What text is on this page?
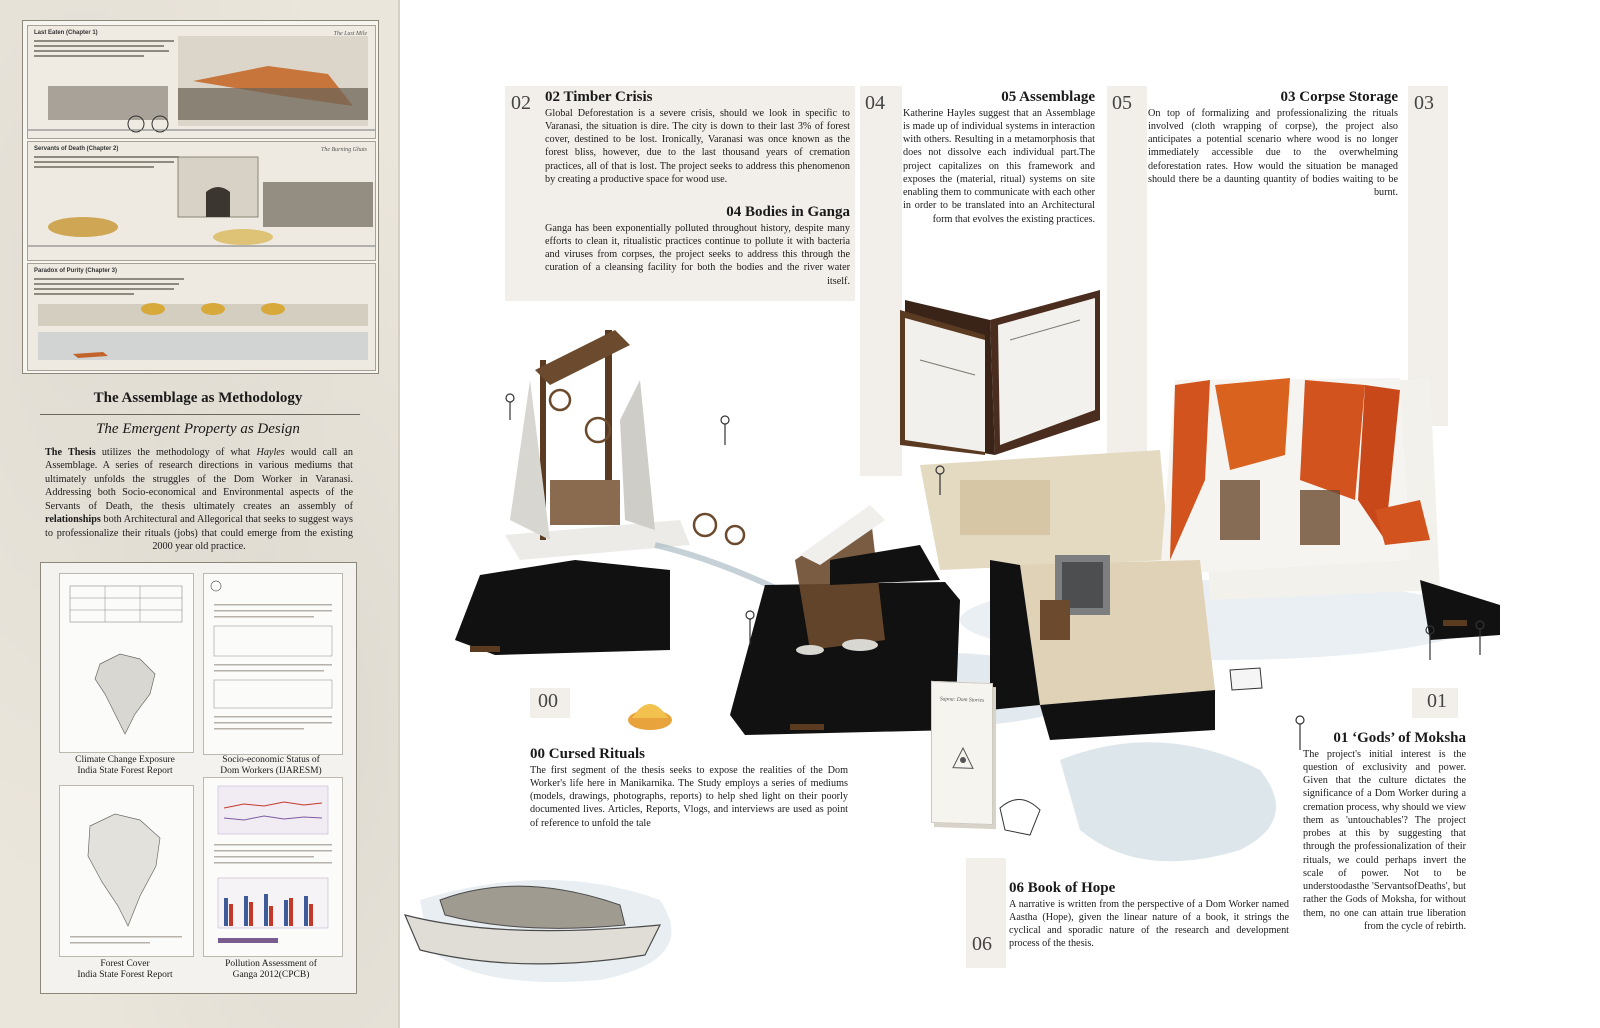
Last Eaten (Chapter 1)	The Last Mile
Servants of Death (Chapter 2)	The Burning Ghats
Paradox of Purity (Chapter 3)
The Assemblage as Methodology
The Emergent Property as Design
The Thesis utilizes the methodology of what Hayles would call an Assemblage. A series of research directions in various mediums that ultimately unfolds the struggles of the Dom Worker in Varanasi. Addressing both Socio-economical and Environmental aspects of the Servants of Death, the thesis ultimately creates an assembly of relationships both Architectural and Allegorical that seeks to suggest ways to professionalize their rituals (jobs) that could emerge from the existing 2000 year old practice.
Climate Change Exposure
India State Forest Report
Socio-economic Status of
Dom Workers (IJARESM)
Forest Cover
India State Forest Report
Pollution Assessment of
Ganga 2012(CPCB)
Sapna: Dom Stories
02	04	05	03
00	01
06
02 Timber Crisis

Global Deforestation is a severe crisis, should we look in specific to Varanasi, the situation is dire. The city is down to their last 3% of forest cover, destined to be lost. Ironically, Varanasi was once known as the forest bliss, however, due to the last thousand years of cremation practices, all of that is lost. The project seeks to address this phenomenon by creating a productive space for wood use.

04 Bodies in Ganga

Ganga has been exponentially polluted throughout history, despite many efforts to clean it, ritualistic practices continue to pollute it with bacteria and viruses from corpses, the project seeks to address this through the curation of a cleansing facility for both the bodies and the river water itself.

05 Assemblage

Katherine Hayles suggest that an Assemblage is made up of individual systems in interaction with others. Resulting in a metamorphosis that does not dissolve each individual part.The project capitalizes on this framework and exposes the (material, ritual) systems on site enabling them to communicate with each other in order to be translated into an Architectural form that evolves the existing practices.

03 Corpse Storage

On top of formalizing and professionalizing the rituals involved (cloth wrapping of corpse), the project also anticipates a potential scenario where wood is no longer immediately accessible due to the overwhelming deforestation rates. How would the situation be managed should there be a daunting quantity of bodies waiting to be burnt.

00 Cursed Rituals

The first segment of the thesis seeks to expose the realities of the Dom Worker's life here in Manikarnika. The Study employs a series of mediums (models, drawings, photographs, reports) to help shed light on their poorly documented lives. Articles, Reports, Vlogs, and interviews are used as point of reference to unfold the tale

01 ‘Gods’ of Moksha

The project's initial interest is the question of exclusivity and power. Given that the culture dictates the significance of a Dom Worker during a cremation process, why should we view them as 'untouchables'? The project probes at this by suggesting that through the professionalization of their rituals, we could perhaps invert the scale of power. Not to be understoodasthe 'ServantsofDeaths', but rather the Gods of Moksha, for without them, no one can attain true liberation from the cycle of rebirth.

06 Book of Hope

A narrative is written from the perspective of a Dom Worker named Aastha (Hope), given the linear nature of a book, it strings the cyclical and sporadic nature of the research and development process of the thesis.
